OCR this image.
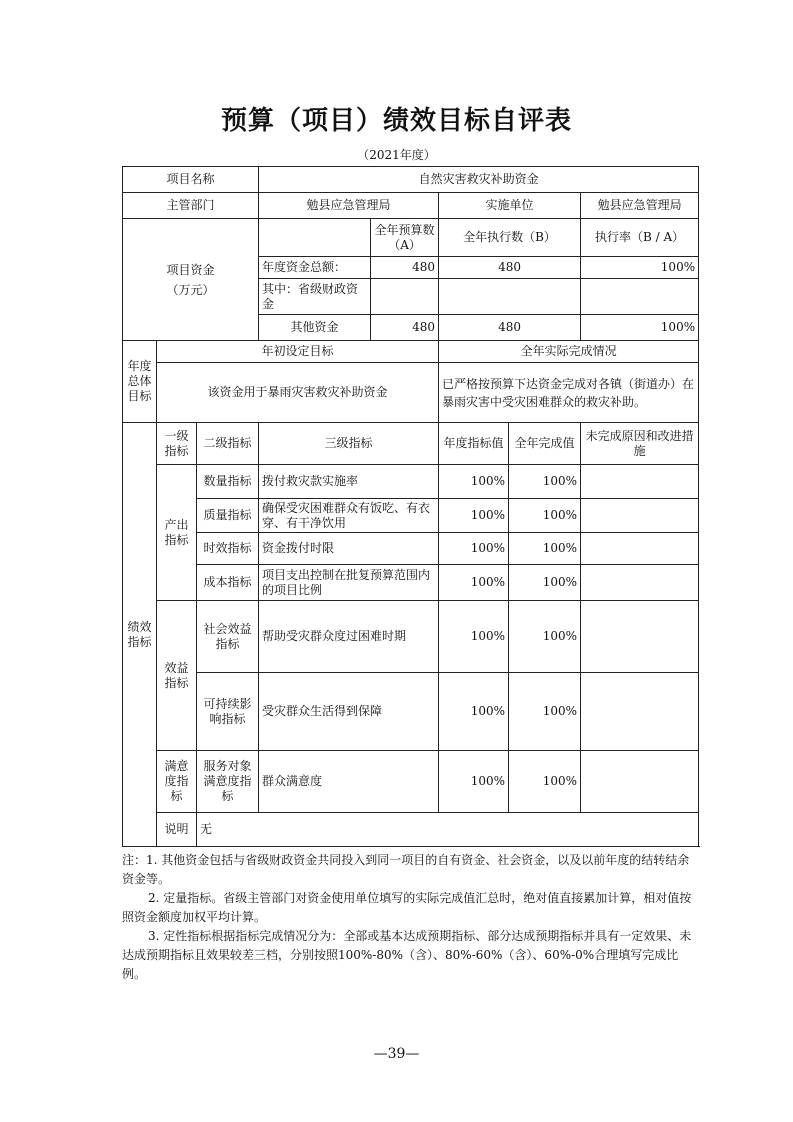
预算（项目）绩效目标自评表
（2021年度）
项目名称			自然灾害救灾补助资金				
主管部门			勉县应急管理局		实施单位		勉县应急管理局
项目资金
（万元）				全年预算数（A）	全年执行数（B）		执行率（B / A）
			年度资金总额：	480	480		100%
			其中：省级财政资金				
			其他资金	480	480		100%
年度总体目标	年初设定目标				全年实际完成情况		
	该资金用于暴雨灾害救灾补助资金				已严格按预算下达资金完成对各镇（街道办）在暴雨灾害中受灾困难群众的救灾补助。		
绩效指标	一级指标	二级指标	三级指标		年度指标值	全年完成值	未完成原因和改进措施
	产出指标	数量指标	拨付救灾款实施率		100%	100%	
		质量指标	确保受灾困难群众有饭吃、有衣穿、有干净饮用		100%	100%	
		时效指标	资金拨付时限		100%	100%	
		成本指标	项目支出控制在批复预算范围内的项目比例		100%	100%	
	效益指标	社会效益指标	帮助受灾群众度过困难时期		100%	100%	
		可持续影响指标	受灾群众生活得到保障		100%	100%	
	满意度指标	服务对象满意度指标	群众满意度		100%	100%	
	说明	无					

注：1. 其他资金包括与省级财政资金共同投入到同一项目的自有资金、社会资金，以及以前年度的结转结余资金等。

2. 定量指标。省级主管部门对资金使用单位填写的实际完成值汇总时，绝对值直接累加计算，相对值按照资金额度加权平均计算。

3. 定性指标根据指标完成情况分为：全部或基本达成预期指标、部分达成预期指标并具有一定效果、未达成预期指标且效果较差三档，分别按照100%-80%（含）、80%-60%（含）、60%-0%合理填写完成比例。

—39—
